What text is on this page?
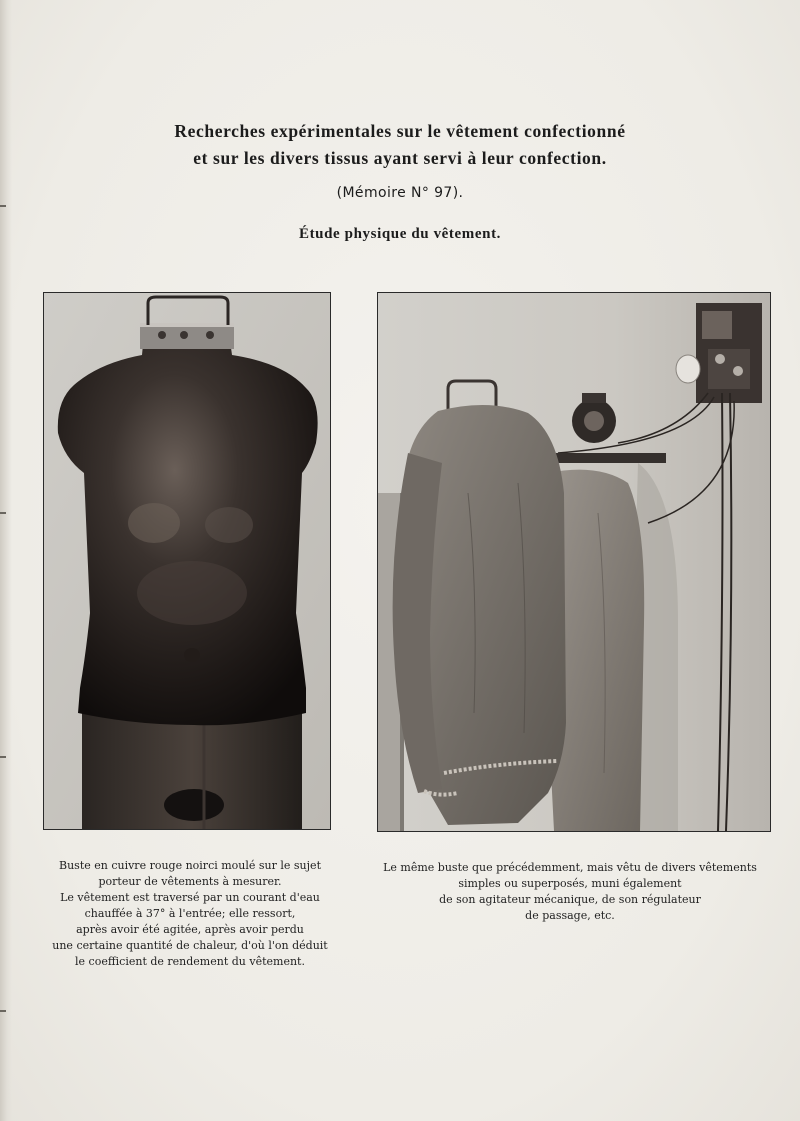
Recherches expérimentales sur le vêtement confectionné
et sur les divers tissus ayant servi à leur confection.
(Mémoire N° 97).
Étude physique du vêtement.
Buste en cuivre rouge noirci moulé sur le sujet
porteur de vêtements à mesurer.
Le vêtement est traversé par un courant d'eau
chauffée à 37° à l'entrée; elle ressort,
après avoir été agitée, après avoir perdu
une certaine quantité de chaleur, d'où l'on déduit
le coefficient de rendement du vêtement.
Le même buste que précédemment, mais vêtu de divers vêtements
simples ou superposés, muni également
de son agitateur mécanique, de son régulateur
de passage, etc.
